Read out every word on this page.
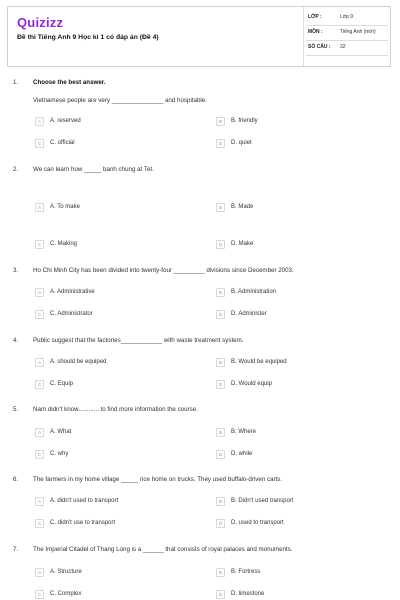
Quizizz
Đề thi Tiếng Anh 9 Học kì 1 có đáp án (Đề 4)
LỚP :	Lớp 9
MÔN :	Tiếng Anh (mới)
SỐ CÂU : 32
1. Choose the best answer.
Vietnamese people are very _______________ and hospitable.
A	A. reserved	B	B. friendly
C	C. official	D	D. quiet
2. We can learn how _____ banh chung at Tet.
A	A. To make	B	B. Made
C	C. Making	D	D. Make
3. Ho Chi Minh City has been divided into twenty-four _________ divisions since December 2003.
A	A. Administrative	B	B. Administration
C	C. Administrator	D	D. Administer
4. Public suggest that the factories____________ with waste treatment system.
A	A. should be equiped	B	B. Would be equiped
C	C. Equip	D	D. Would equip
5. Nam didn't know............ to find more information the course.
A	A. What	B	B. Where
C	C. why	D	D. while
6. The farmers in my home village _____ rice home on trucks. They used buffalo-driven carts.
A	A. didn't used to transport	B	B. Didn't used transport
C	C. didn't use to transport	D	D. used to transport
7. The Imperial Citadel of Thang Long is a ______ that consists of royal palaces and monuments.
A	A. Structure	B	B. Fortress
C	C. Complex	D	D. limestone
